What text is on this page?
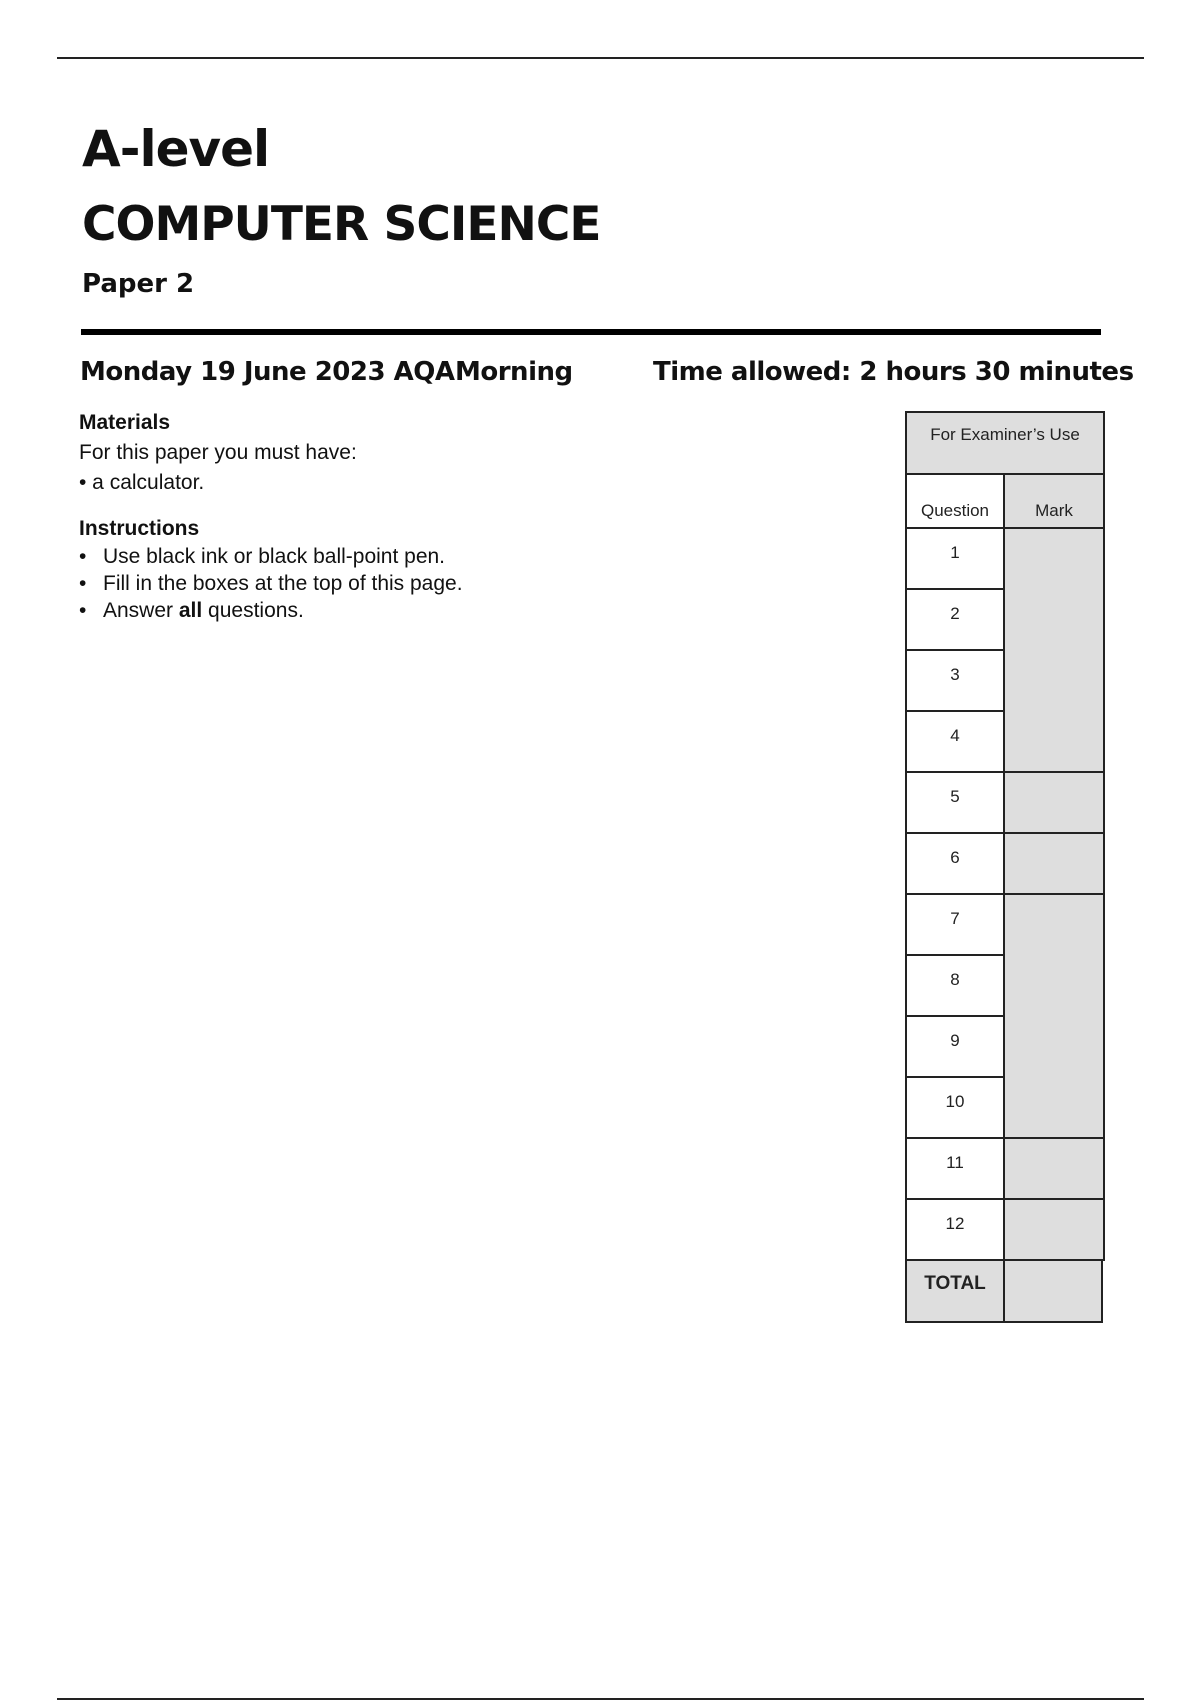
A-level
COMPUTER SCIENCE
Paper 2
Monday 19 June 2023 AQA Morning	Time allowed: 2 hours 30 minutes
Materials
For this paper you must have:
• a calculator.
Instructions
• Use black ink or black ball-point pen.
• Fill in the boxes at the top of this page.
• Answer all questions.
For Examiner’s Use
Question	Mark
1
2
3
4
5
6
7
8
9
10
11
12
TOTAL
